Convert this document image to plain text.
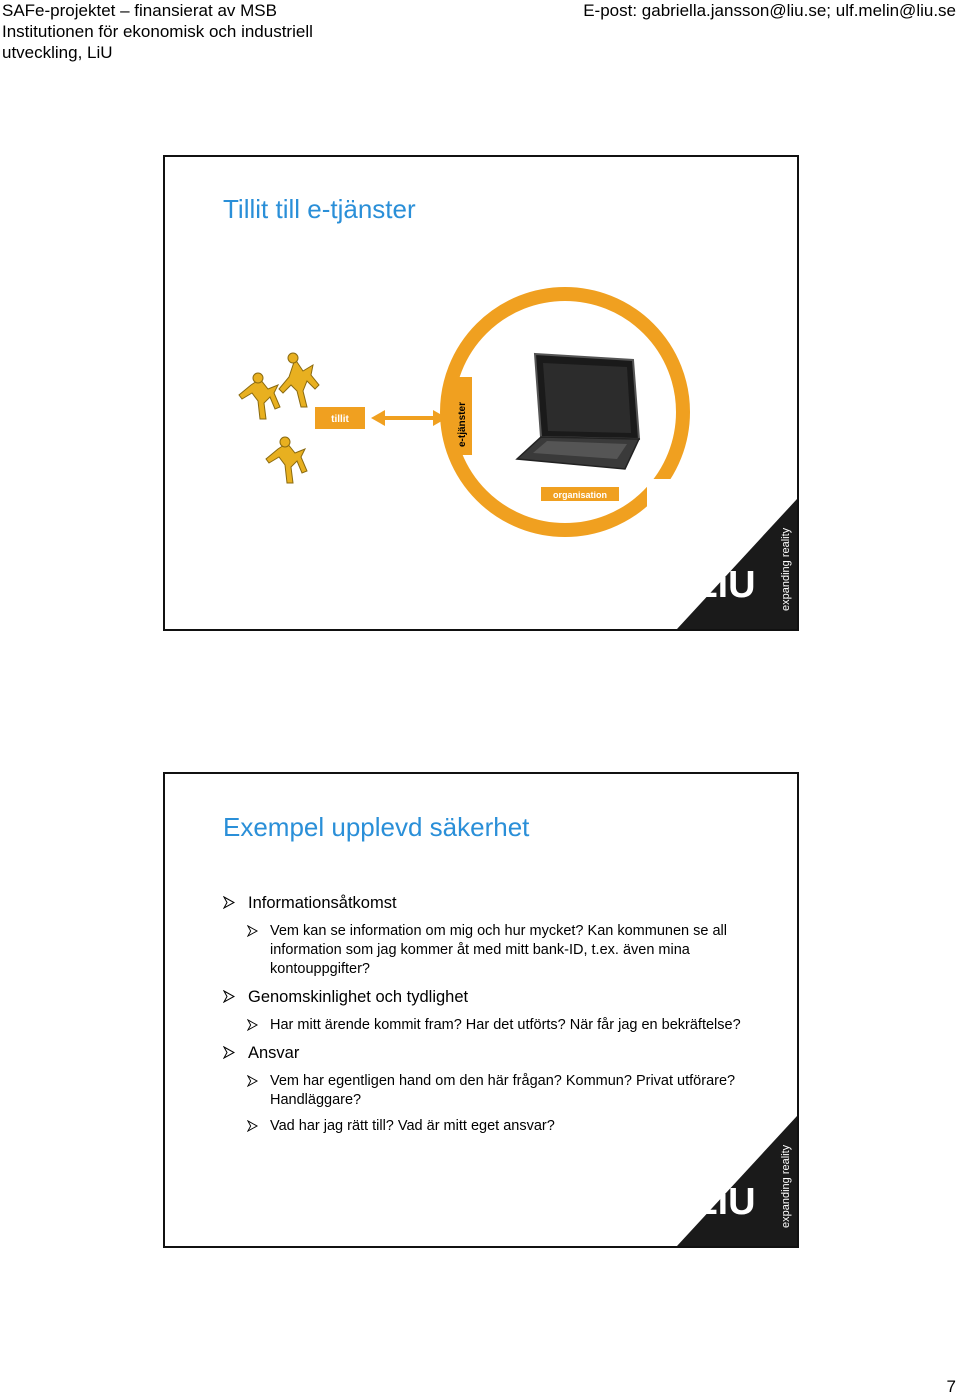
SAFe-projektet – finansierat av MSB
Institutionen för ekonomisk och industriell
utveckling, LiU
E-post: gabriella.jansson@liu.se; ulf.melin@liu.se
Tillit till e-tjänster
tillit	e-tjänster
organisation
LiU expanding reality
Exempel upplevd säkerhet
Informationsåtkomst
Vem kan se information om mig och hur mycket? Kan kommunen se all information som jag kommer åt med mitt bank-ID, t.ex. även mina kontouppgifter?
Genomskinlighet och tydlighet
Har mitt ärende kommit fram? Har det utförts? När får jag en bekräftelse?
Ansvar
Vem har egentligen hand om den här frågan? Kommun? Privat utförare? Handläggare?
Vad har jag rätt till? Vad är mitt eget ansvar?
LiU expanding reality
7
